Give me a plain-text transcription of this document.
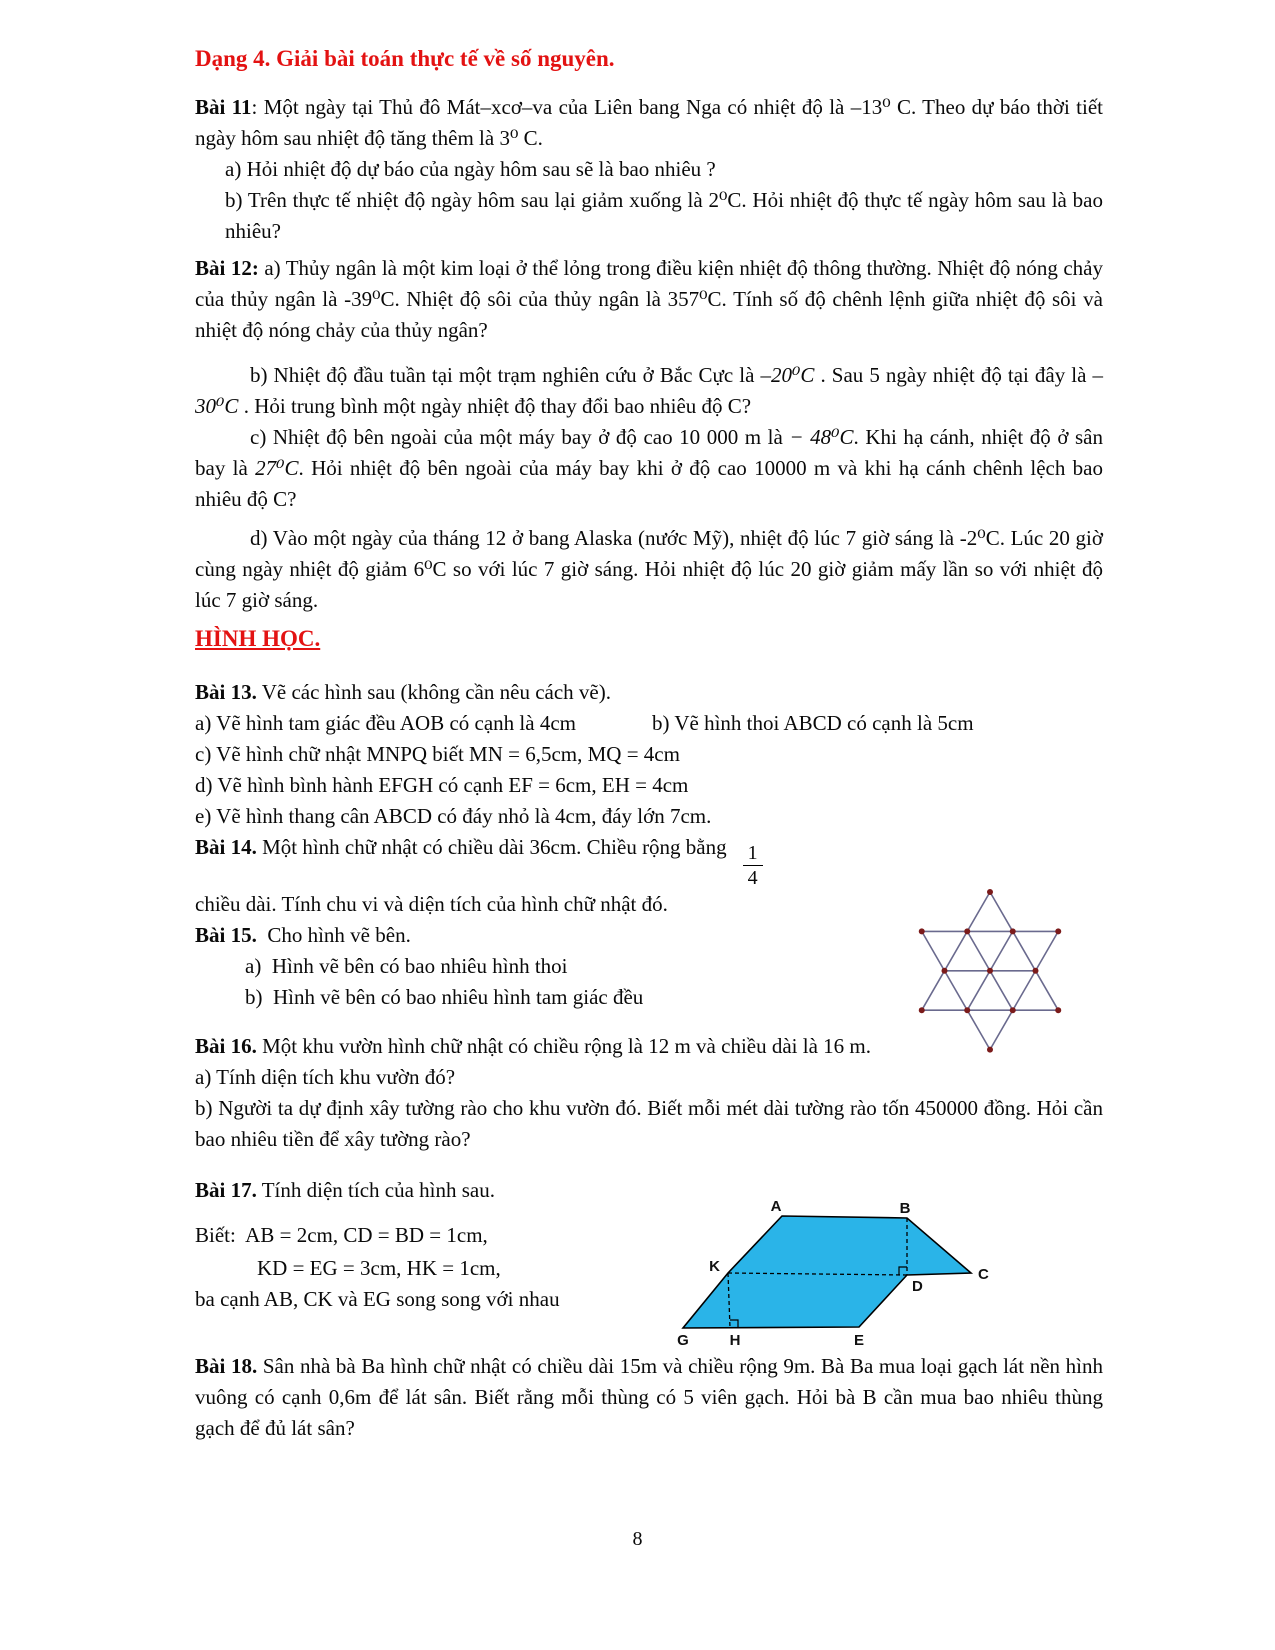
Dạng 4. Giải bài toán thực tế về số nguyên.

Bài 11: Một ngày tại Thủ đô Mát–xcơ–va của Liên bang Nga có nhiệt độ là –13⁰ C. Theo dự báo thời tiết ngày hôm sau nhiệt độ tăng thêm là 3⁰ C.

a) Hỏi nhiệt độ dự báo của ngày hôm sau sẽ là bao nhiêu ?

b) Trên thực tế nhiệt độ ngày hôm sau lại giảm xuống là 2⁰C. Hỏi nhiệt độ thực tế ngày hôm sau là bao nhiêu?

Bài 12: a) Thủy ngân là một kim loại ở thể lỏng trong điều kiện nhiệt độ thông thường. Nhiệt độ nóng chảy của thủy ngân là -39⁰C. Nhiệt độ sôi của thủy ngân là 357⁰C. Tính số độ chênh lệnh giữa nhiệt độ sôi và nhiệt độ nóng chảy của thủy ngân?

b) Nhiệt độ đầu tuần tại một trạm nghiên cứu ở Bắc Cực là –20⁰C . Sau 5 ngày nhiệt độ tại đây là –30⁰C . Hỏi trung bình một ngày nhiệt độ thay đổi bao nhiêu độ C?

c) Nhiệt độ bên ngoài của một máy bay ở độ cao 10 000 m là − 48⁰C. Khi hạ cánh, nhiệt độ ở sân bay là 27⁰C. Hỏi nhiệt độ bên ngoài của máy bay khi ở độ cao 10000 m và khi hạ cánh chênh lệch bao nhiêu độ C?

d) Vào một ngày của tháng 12 ở bang Alaska (nước Mỹ), nhiệt độ lúc 7 giờ sáng là -2⁰C. Lúc 20 giờ cùng ngày nhiệt độ giảm 6⁰C so với lúc 7 giờ sáng. Hỏi nhiệt độ lúc 20 giờ giảm mấy lần so với nhiệt độ lúc 7 giờ sáng.

HÌNH HỌC.

Bài 13. Vẽ các hình sau (không cần nêu cách vẽ).

a) Vẽ hình tam giác đều AOB có cạnh là 4cm	b) Vẽ hình thoi ABCD có cạnh là 5cm

c) Vẽ hình chữ nhật MNPQ biết MN = 6,5cm, MQ = 4cm

d) Vẽ hình bình hành EFGH có cạnh EF = 6cm, EH = 4cm

e) Vẽ hình thang cân ABCD có đáy nhỏ là 4cm, đáy lớn 7cm.

Bài 14. Một hình chữ nhật có chiều dài 36cm. Chiều rộng bằng $\frac{1}{4}$

chiều dài. Tính chu vi và diện tích của hình chữ nhật đó.

Bài 15.  Cho hình vẽ bên.

a)  Hình vẽ bên có bao nhiêu hình thoi

b)  Hình vẽ bên có bao nhiêu hình tam giác đều

Bài 16. Một khu vườn hình chữ nhật có chiều rộng là 12 m và chiều dài là 16 m.

a) Tính diện tích khu vườn đó?

b) Người ta dự định xây tường rào cho khu vườn đó. Biết mỗi mét dài tường rào tốn 450000 đồng. Hỏi cần bao nhiêu tiền để xây tường rào?

Bài 17. Tính diện tích của hình sau.

Biết:  AB = 2cm, CD = BD = 1cm,

KD = EG = 3cm, HK = 1cm,

ba cạnh AB, CK và EG song song với nhau

Bài 18. Sân nhà bà Ba hình chữ nhật có chiều dài 15m và chiều rộng 9m. Bà Ba mua loại gạch lát nền hình vuông có cạnh 0,6m để lát sân. Biết rằng mỗi thùng có 5 viên gạch. Hỏi bà B cần mua bao nhiêu thùng gạch để đủ lát sân?

A	B
C
D
K
G	H	E
8
